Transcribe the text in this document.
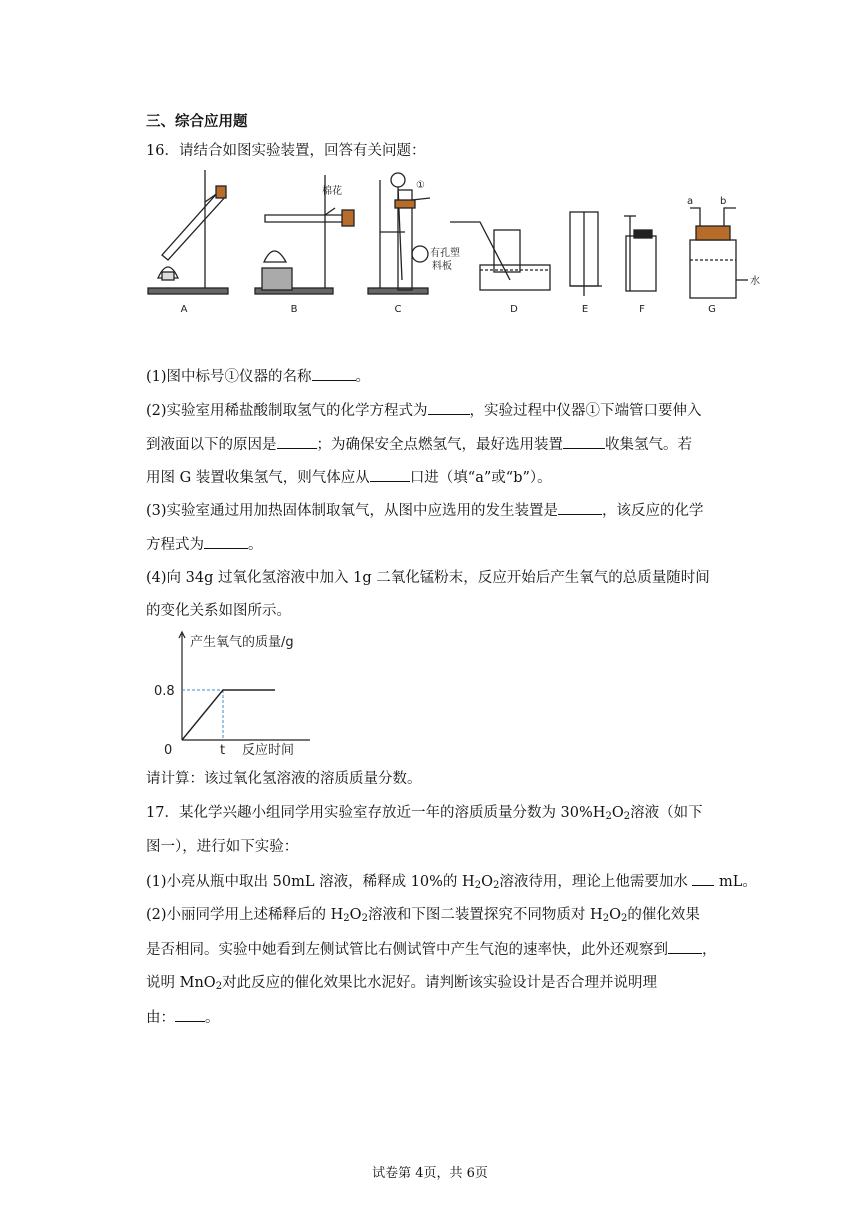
三、综合应用题
16．请结合如图实验装置，回答有关问题：
A	B	C	D	E	F	G
棉花
①
有孔塑
料板
水
a	b
(1)图中标号①仪器的名称	。
(2)实验室用稀盐酸制取氢气的化学方程式为	，实验过程中仪器①下端管口要伸入
到液面以下的原因是	；为确保安全点燃氢气，最好选用装置	收集氢气。若
用图 G 装置收集氢气，则气体应从	口进（填“a”或“b”）。
(3)实验室通过用加热固体制取氧气，从图中应选用的发生装置是	，该反应的化学
方程式为	。
(4)向 34g 过氧化氢溶液中加入 1g 二氧化锰粉末，反应开始后产生氧气的总质量随时间
的变化关系如图所示。
产生氧气的质量/g
0	t 反应时间
0.8
请计算：该过氧化氢溶液的溶质质量分数。
17．某化学兴趣小组同学用实验室存放近一年的溶质质量分数为 $30\%H_2O_2$溶液（如下
图一），进行如下实验：
(1)小亮从瓶中取出 50mL 溶液，稀释成 10%的 $H_2O_2$溶液待用，理论上他需要加水 mL。
(2)小丽同学用上述稀释后的 $H_2O_2$溶液和下图二装置探究不同物质对 $H_2O_2$的催化效果
是否相同。实验中她看到左侧试管比右侧试管中产生气泡的速率快，此外还观察到 ，
说明 MnO$_2$对此反应的催化效果比水泥好。请判断该实验设计是否合理并说明理
由： 。
试卷第 4页，共 6页
